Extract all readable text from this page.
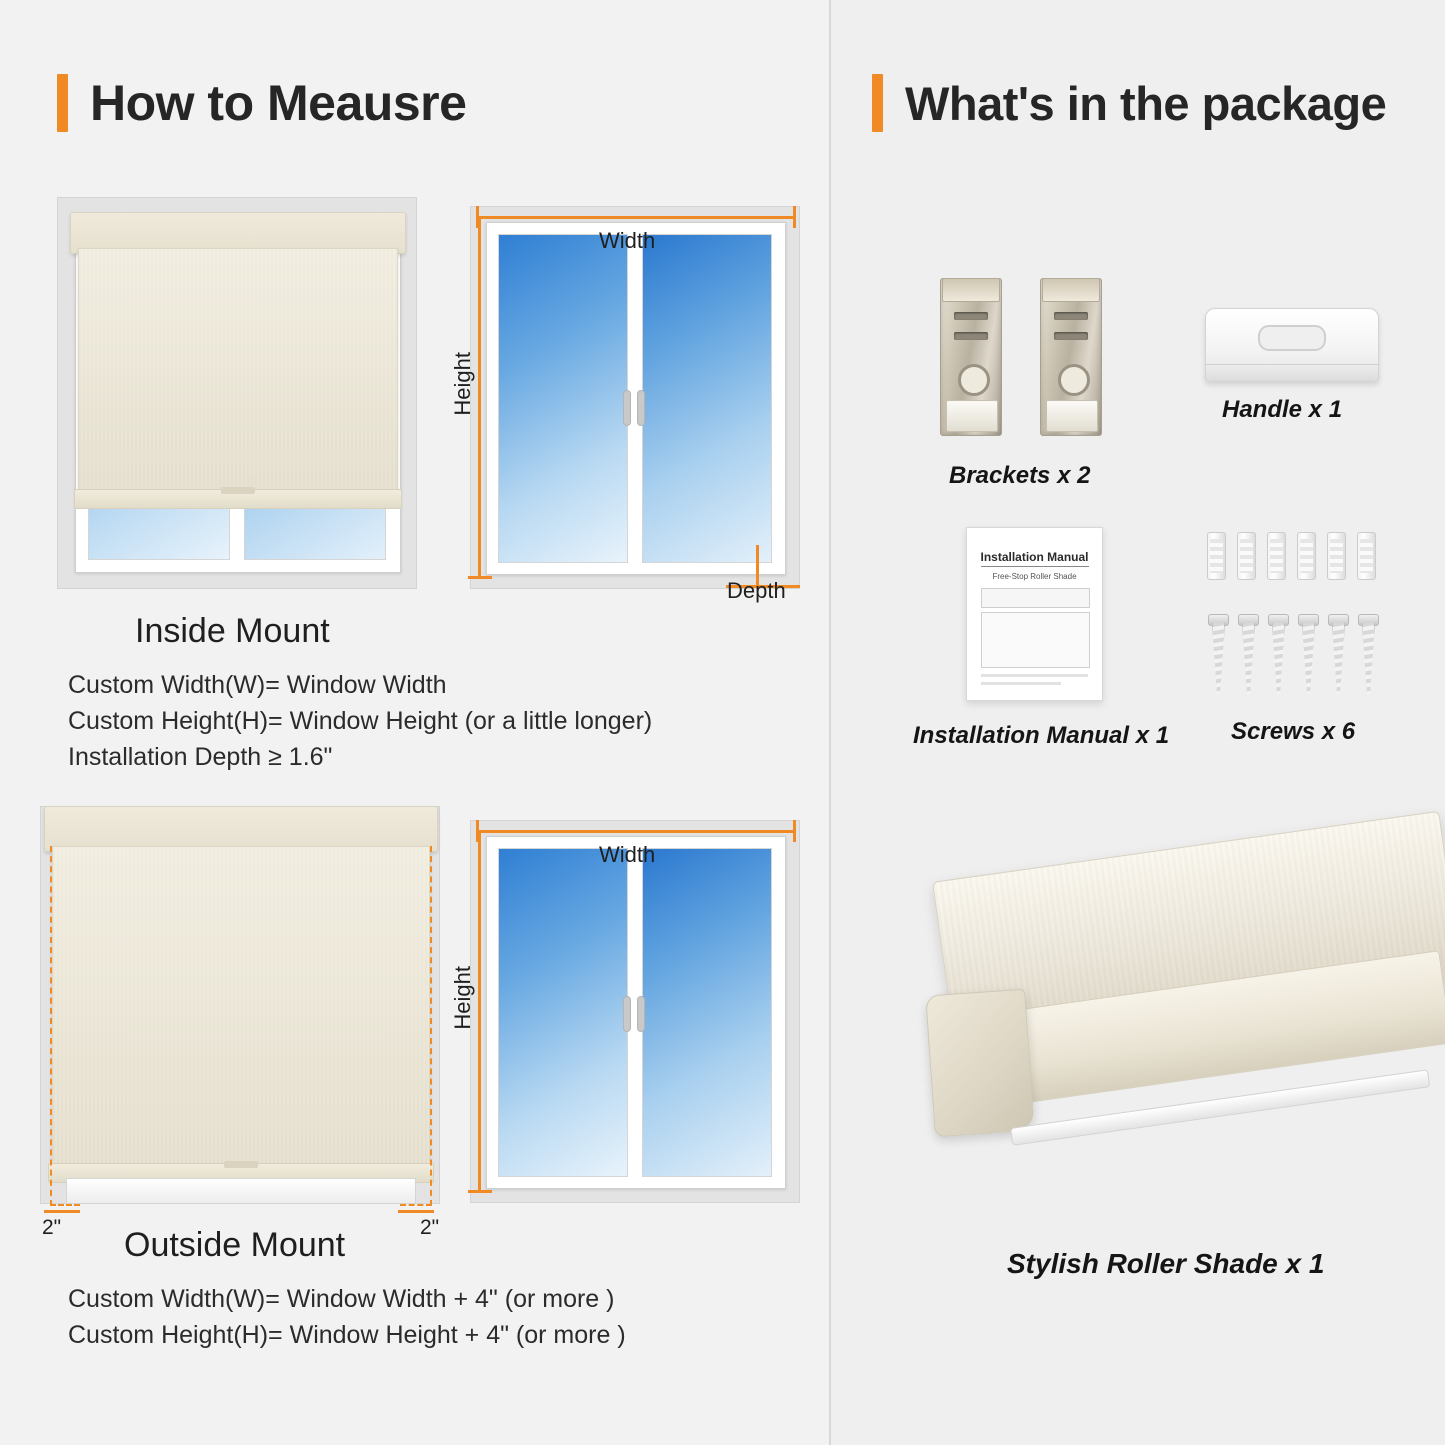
How to Meausre
Width
Height
Depth
Inside Mount
Custom Width(W)= Window Width
Custom Height(H)= Window Height (or a little longer)
Installation Depth ≥ 1.6"
2"	2"
Width
Height
Outside Mount
Custom Width(W)= Window Width + 4" (or more )
Custom Height(H)= Window Height + 4" (or more )
What's in the package
Brackets x 2
Handle x 1
Installation Manual
Free-Stop Roller Shade
Installation Manual x 1	Screws x 6
Stylish Roller Shade x 1
